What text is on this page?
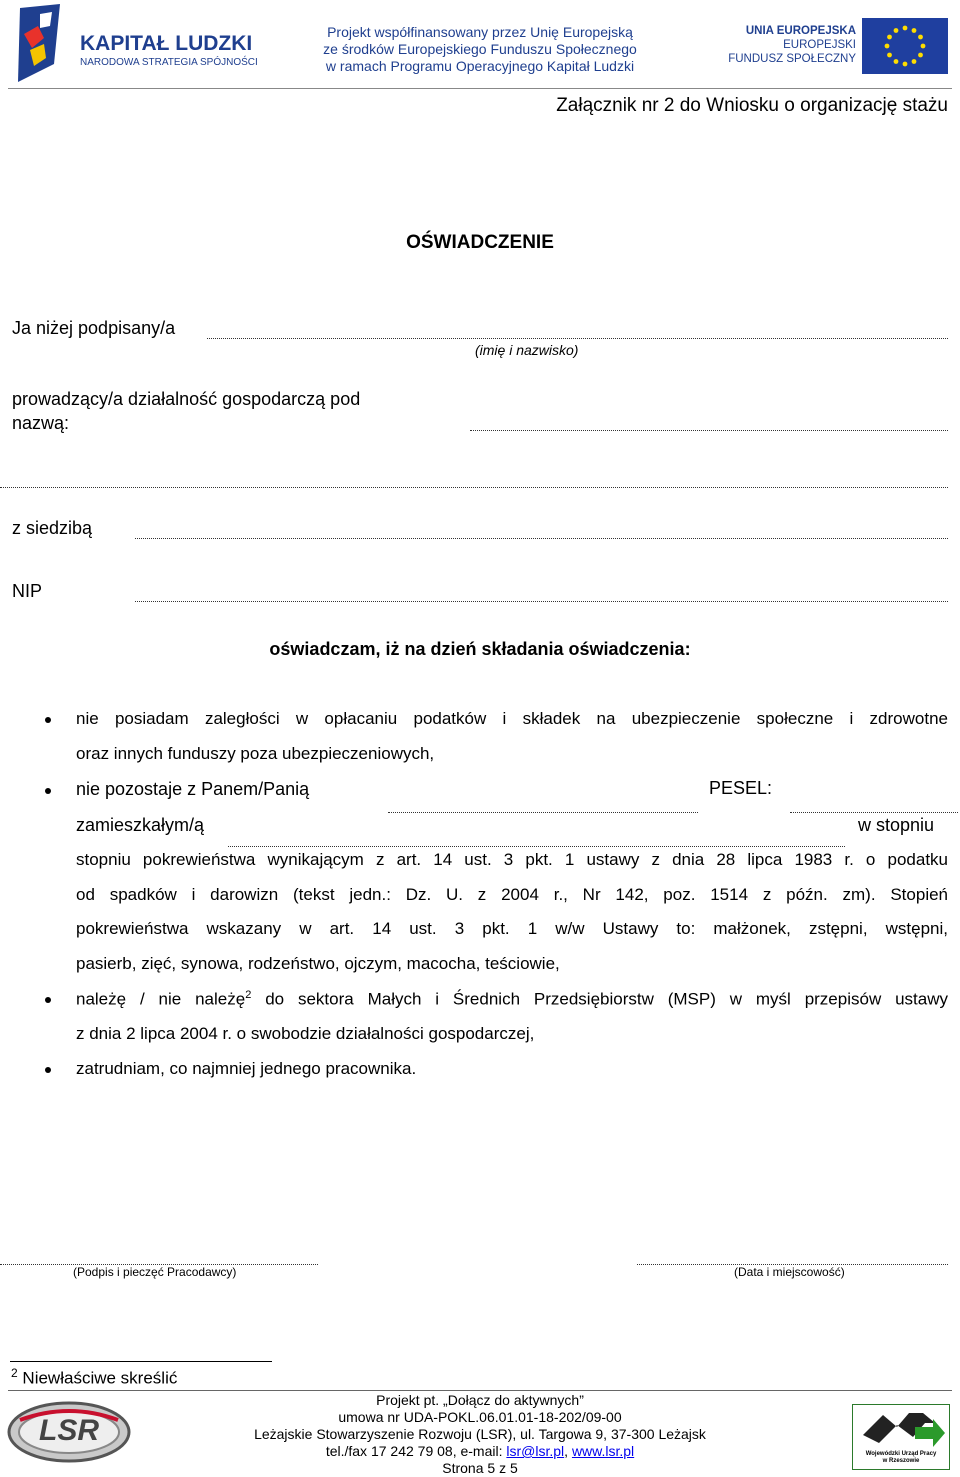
KAPITAŁ LUDZKI
NARODOWA STRATEGIA SPÓJNOŚCI
Projekt współfinansowany przez Unię Europejską
ze środków Europejskiego Funduszu Społecznego
w ramach Programu Operacyjnego Kapitał Ludzki
UNIA EUROPEJSKA
EUROPEJSKI
FUNDUSZ SPOŁECZNY
Załącznik nr 2 do Wniosku o organizację stażu
OŚWIADCZENIE
Ja niżej podpisany/a
(imię i nazwisko)
prowadzący/a działalność gospodarczą pod
nazwą:
z siedzibą
NIP
oświadczam, iż na dzień składania oświadczenia:
nie posiadam zaległości w opłacaniu podatków i składek na ubezpieczenie społeczne i zdrowotne
oraz innych funduszy poza ubezpieczeniowych,
nie pozostaje z Panem/Panią	PESEL:
zamieszkałym/ą	w stopniu
stopniu pokrewieństwa wynikającym z art. 14 ust. 3 pkt. 1 ustawy z dnia 28 lipca 1983 r. o podatku
od spadków i darowizn (tekst jedn.: Dz. U. z 2004 r., Nr 142, poz. 1514 z późn. zm). Stopień
pokrewieństwa wskazany w art. 14 ust. 3 pkt. 1 w/w Ustawy to: małżonek, zstępni, wstępni,
pasierb, zięć, synowa, rodzeństwo, ojczym, macocha, teściowie,
należę / nie należę$^2$ do sektora Małych i Średnich Przedsiębiorstw (MSP) w myśl przepisów ustawy
z dnia 2 lipca 2004 r. o swobodzie działalności gospodarczej,
zatrudniam, co najmniej jednego pracownika.
(Podpis i pieczęć Pracodawcy)	(Data i miejscowość)
$^2$ Niewłaściwe skreślić
LSR
Projekt pt. „Dołącz do aktywnych”
umowa nr UDA-POKL.06.01.01-18-202/09-00
Leżajskie Stowarzyszenie Rozwoju (LSR), ul. Targowa 9, 37-300 Leżajsk
tel./fax 17 242 79 08, e-mail: lsr@lsr.pl, www.lsr.pl
Strona 5 z 5
Wojewódzki Urząd Pracy
w Rzeszowie
